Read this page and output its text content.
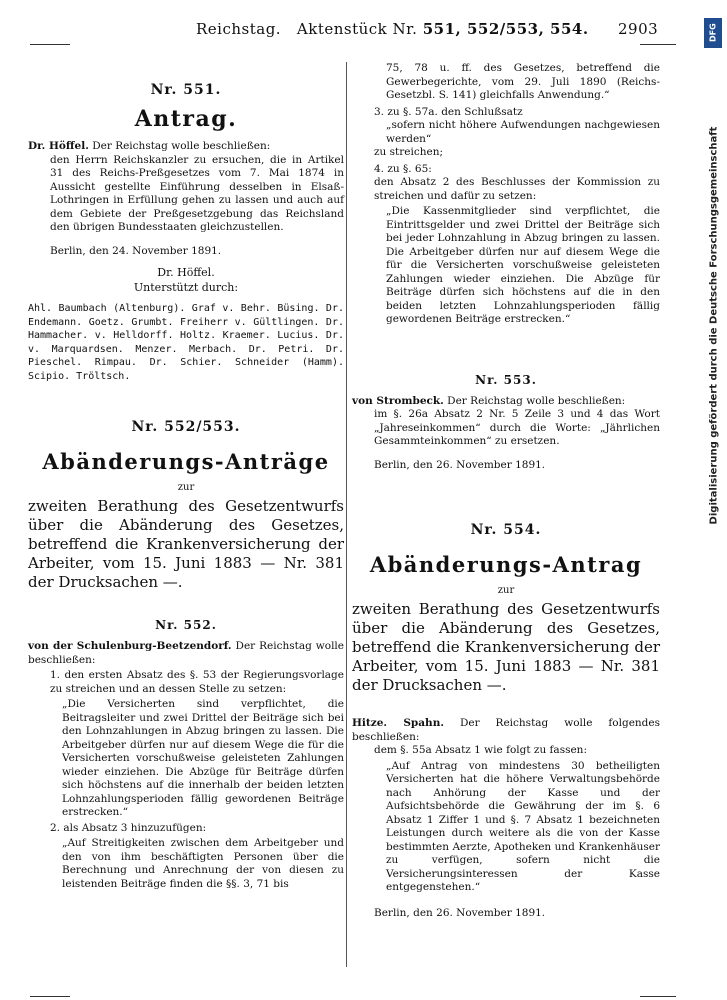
Reichstag. Aktenstück Nr. 551, 552/553, 554. 2903	DFG
Digitalisierung gefördert durch die Deutsche Forschungsgemeinschaft
Nr. 551.
Antrag.
Dr. Höffel. Der Reichstag wolle beschließen:
den Herrn Reichskanzler zu ersuchen, die in Artikel 31 des Reichs-Preßgesetzes vom 7. Mai 1874 in Aussicht gestellte Einführung desselben in Elsaß-Lothringen in Erfüllung gehen zu lassen und auch auf dem Gebiete der Preßgesetzgebung das Reichsland den übrigen Bundesstaaten gleichzustellen.
Berlin, den 24. November 1891.
Dr. Höffel.
Unterstützt durch:
Ahl. Baumbach (Altenburg). Graf v. Behr. Büsing. Dr. Endemann. Goetz. Grumbt. Freiherr v. Gültlingen. Dr. Hammacher. v. Helldorff. Holtz. Kraemer. Lucius. Dr. v. Marquardsen. Menzer. Merbach. Dr. Petri. Dr. Pieschel. Rimpau. Dr. Schier. Schneider (Hamm). Scipio. Tröltsch.
Nr. 552/553.
Abänderungs-Anträge
zur
zweiten Berathung des Gesetzentwurfs über die Abänderung des Gesetzes, betreffend die Krankenversicherung der Arbeiter, vom 15. Juni 1883 — Nr. 381 der Drucksachen —.
Nr. 552.
von der Schulenburg-Beetzendorf. Der Reichstag wolle beschließen:
1. den ersten Absatz des §. 53 der Regierungsvorlage zu streichen und an dessen Stelle zu setzen:
„Die Versicherten sind verpflichtet, die Beitragsleiter und zwei Drittel der Beiträge sich bei den Lohnzahlungen in Abzug bringen zu lassen. Die Arbeitgeber dürfen nur auf diesem Wege die für die Versicherten vorschußweise geleisteten Zahlungen wieder einziehen. Die Abzüge für Beiträge dürfen sich höchstens auf die innerhalb der beiden letzten Lohnzahlungsperioden fällig gewordenen Beiträge erstrecken.“
2. als Absatz 3 hinzuzufügen:
„Auf Streitigkeiten zwischen dem Arbeitgeber und den von ihm beschäftigten Personen über die Berechnung und Anrechnung der von diesen zu leistenden Beiträge finden die §§. 3, 71 bis
75, 78 u. ff. des Gesetzes, betreffend die Gewerbegerichte, vom 29. Juli 1890 (Reichs-Gesetzbl. S. 141) gleichfalls Anwendung.“
3. zu §. 57a. den Schlußsatz
„sofern nicht höhere Aufwendungen nachgewiesen werden“
zu streichen;
4. zu §. 65:
den Absatz 2 des Beschlusses der Kommission zu streichen und dafür zu setzen:
„Die Kassenmitglieder sind verpflichtet, die Eintrittsgelder und zwei Drittel der Beiträge sich bei jeder Lohnzahlung in Abzug bringen zu lassen. Die Arbeitgeber dürfen nur auf diesem Wege die für die Versicherten vorschußweise geleisteten Zahlungen wieder einziehen. Die Abzüge für Beiträge dürfen sich höchstens auf die in den beiden letzten Lohnzahlungsperioden fällig gewordenen Beiträge erstrecken.“
Nr. 553.
von Strombeck. Der Reichstag wolle beschließen:
im §. 26a Absatz 2 Nr. 5 Zeile 3 und 4 das Wort „Jahreseinkommen“ durch die Worte: „Jährlichen Gesammteinkommen“ zu ersetzen.
Berlin, den 26. November 1891.
Nr. 554.
Abänderungs-Antrag
zur
zweiten Berathung des Gesetzentwurfs über die Abänderung des Gesetzes, betreffend die Krankenversicherung der Arbeiter, vom 15. Juni 1883 — Nr. 381 der Drucksachen —.
Hitze. Spahn. Der Reichstag wolle folgendes beschließen:
dem §. 55a Absatz 1 wie folgt zu fassen:
„Auf Antrag von mindestens 30 betheiligten Versicherten hat die höhere Verwaltungsbehörde nach Anhörung der Kasse und der Aufsichtsbehörde die Gewährung der im §. 6 Absatz 1 Ziffer 1 und §. 7 Absatz 1 bezeichneten Leistungen durch weitere als die von der Kasse bestimmten Aerzte, Apotheken und Krankenhäuser zu verfügen, sofern nicht die Versicherungsinteressen der Kasse entgegenstehen.“
Berlin, den 26. November 1891.
